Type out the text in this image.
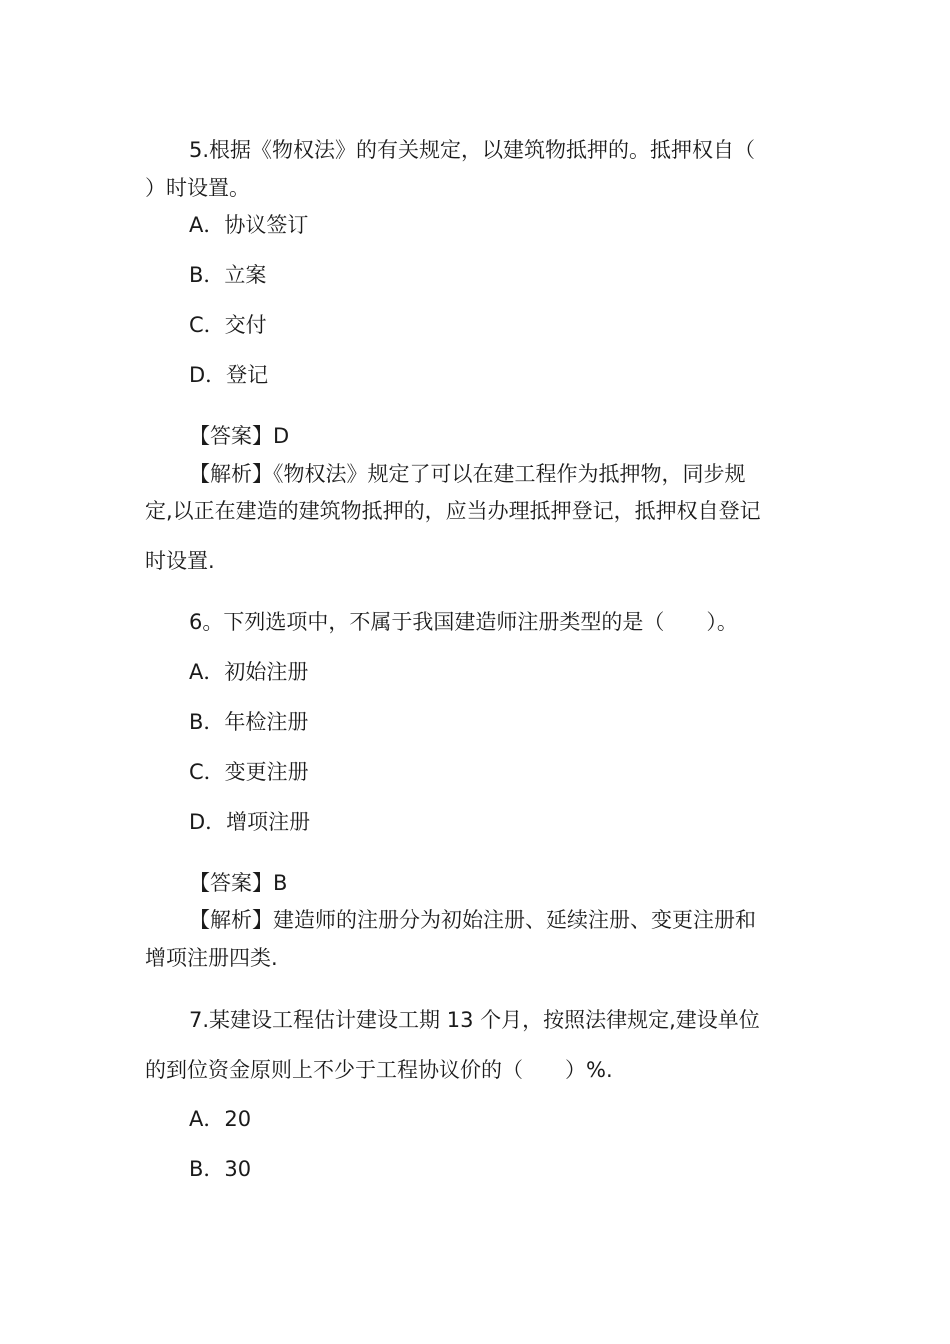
5.根据《物权法》的有关规定，以建筑物抵押的。抵押权自（
）时设置。
A．协议签订
B．立案
C．交付
D．登记
【答案】D
【解析】《物权法》规定了可以在建工程作为抵押物，同步规
定,以正在建造的建筑物抵押的，应当办理抵押登记，抵押权自登记
时设置.
6。下列选项中，不属于我国建造师注册类型的是（　　）。
A．初始注册
B．年检注册
C．变更注册
D．增项注册
【答案】B
【解析】建造师的注册分为初始注册、延续注册、变更注册和
增项注册四类.
7.某建设工程估计建设工期 13 个月，按照法律规定,建设单位
的到位资金原则上不少于工程协议价的（　　）%.
A．20
B．30
